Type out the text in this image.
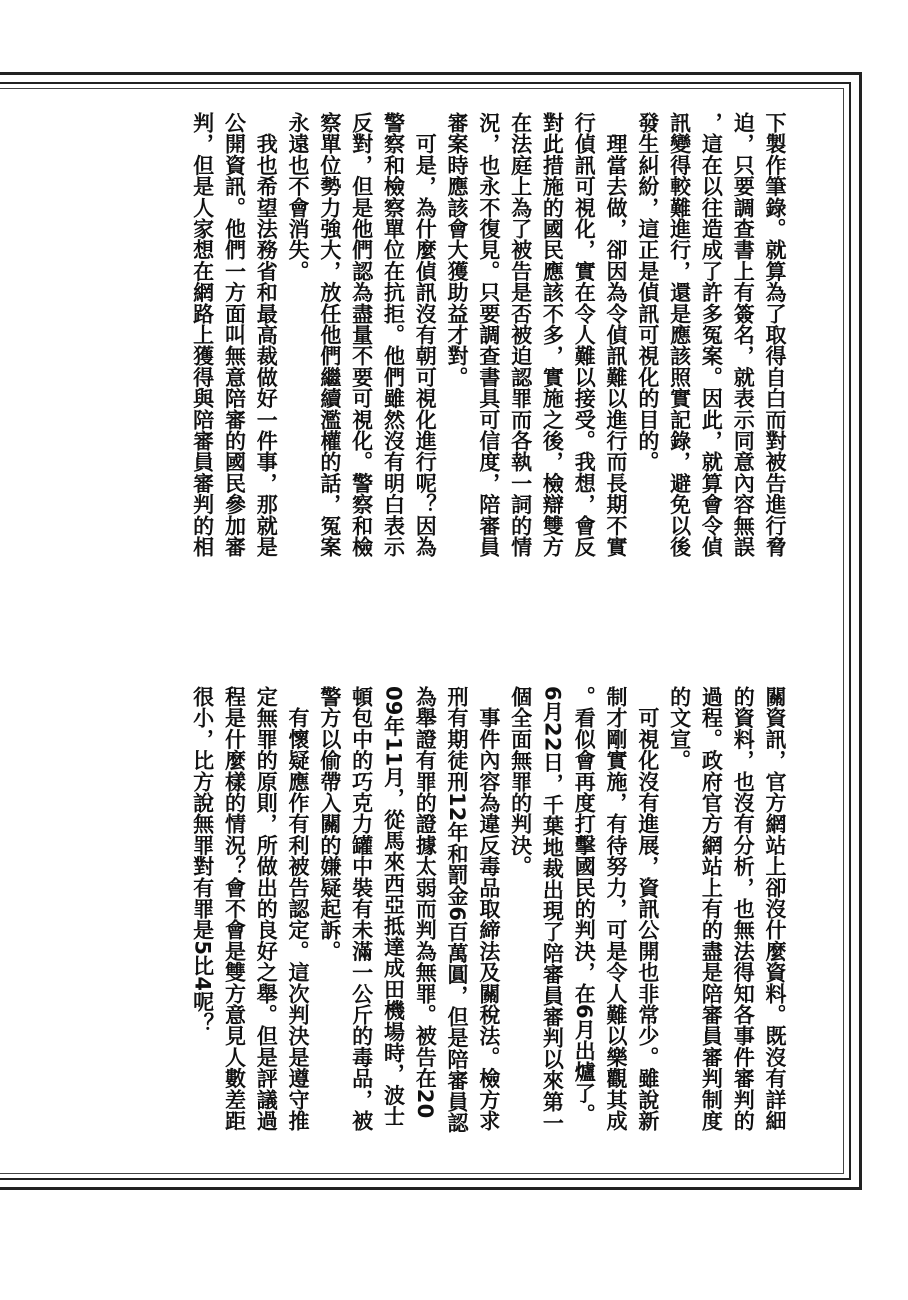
下製作筆錄。就算為了取得自白而對被告進行脅
迫，只要調查書上有簽名，就表示同意內容無誤
，這在以往造成了許多冤案。因此，就算會令偵
訊變得較難進行，還是應該照實記錄，避免以後
發生糾紛，這正是偵訊可視化的目的。
　理當去做，卻因為令偵訊難以進行而長期不實
行偵訊可視化，實在令人難以接受。我想，會反
對此措施的國民應該不多，實施之後，檢辯雙方
在法庭上為了被告是否被迫認罪而各執一詞的情
況，也永不復見。只要調查書具可信度，陪審員
審案時應該會大獲助益才對。
　可是，為什麼偵訊沒有朝可視化進行呢？因為
警察和檢察單位在抗拒。他們雖然沒有明白表示
反對，但是他們認為盡量不要可視化。警察和檢
察單位勢力強大，放任他們繼續濫權的話，冤案
永遠也不會消失。
　我也希望法務省和最高裁做好一件事，那就是
公開資訊。他們一方面叫無意陪審的國民參加審
判，但是人家想在網路上獲得與陪審員審判的相
關資訊，官方網站上卻沒什麼資料。既沒有詳細
的資料，也沒有分析，也無法得知各事件審判的
過程。政府官方網站上有的盡是陪審員審判制度
的文宣。
　可視化沒有進展，資訊公開也非常少。雖說新
制才剛實施，有待努力，可是令人難以樂觀其成
。看似會再度打擊國民的判決，在6月出爐了。
6月22日，千葉地裁出現了陪審員審判以來第一
個全面無罪的判決。
　事件內容為違反毒品取締法及關稅法。檢方求
刑有期徒刑12年和罰金6百萬圓，但是陪審員認
為舉證有罪的證據太弱而判為無罪。被告在20
09年11月，從馬來西亞抵達成田機場時，波士
頓包中的巧克力罐中裝有未滿一公斤的毒品，被
警方以偷帶入關的嫌疑起訴。
　有懷疑應作有利被告認定。這次判決是遵守推
定無罪的原則，所做出的良好之舉。但是評議過
程是什麼樣的情況？會不會是雙方意見人數差距
很小，比方說無罪對有罪是5比4呢？
